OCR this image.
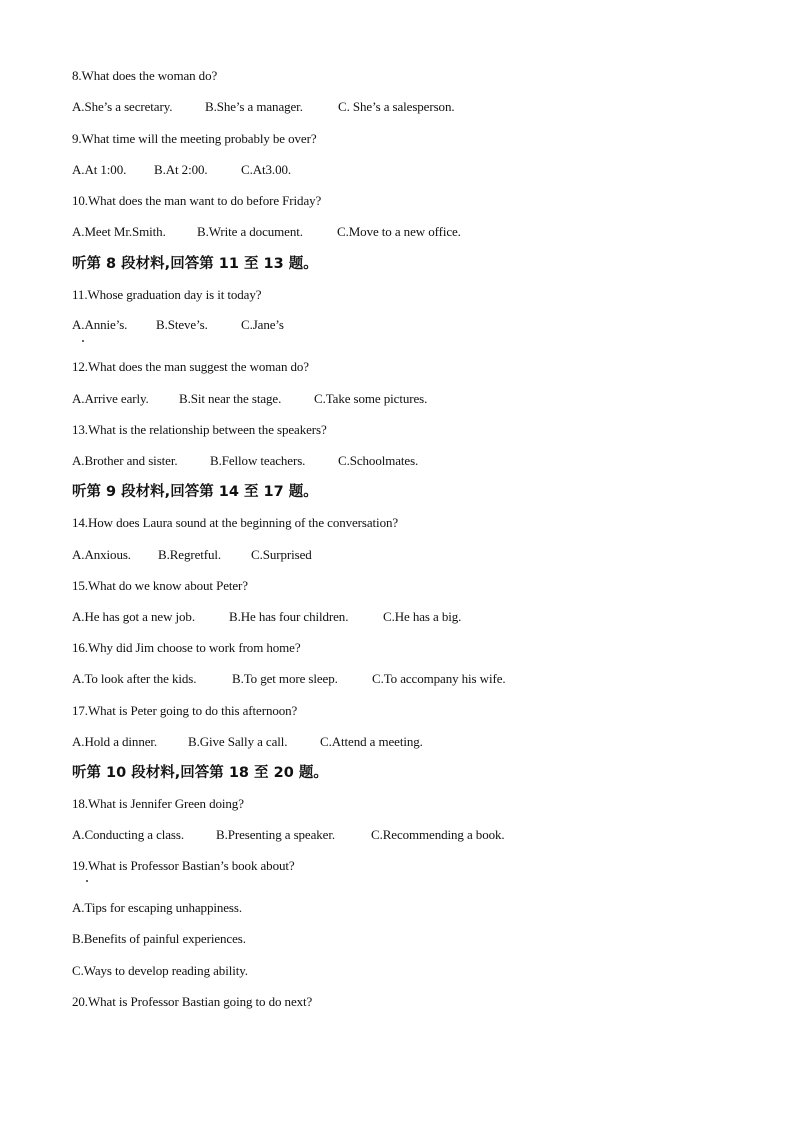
8.What does the woman do?
A.She’s a secretary.	B.She’s a manager.	C. She’s a salesperson.
9.What time will the meeting probably be over?
A.At 1:00. B.At 2:00.	C.At3.00.
10.What does the man want to do before Friday?
A.Meet Mr.Smith. B.Write a document.	C.Move to a new office.
听第 8 段材料,回答第 11 至 13 题。
11.Whose graduation day is it today?
A.Annie’s. B.Steve’s.	C.Jane’s
12.What does the man suggest the woman do?
A.Arrive early. B.Sit near the stage.	C.Take some pictures.
13.What is the relationship between the speakers?
A.Brother and sister.	B.Fellow teachers.	C.Schoolmates.
听第 9 段材料,回答第 14 至 17 题。
14.How does Laura sound at the beginning of the conversation?
A.Anxious. B.Regretful. C.Surprised
15.What do we know about Peter?
A.He has got a new job.	B.He has four children.	C.He has a big.
16.Why did Jim choose to work from home?
A.To look after the kids.	B.To get more sleep.	C.To accompany his wife.
17.What is Peter going to do this afternoon?
A.Hold a dinner. B.Give Sally a call.	C.Attend a meeting.
听第 10 段材料,回答第 18 至 20 题。
18.What is Jennifer Green doing?
A.Conducting a class. B.Presenting a speaker.	C.Recommending a book.
19.What is Professor Bastian’s book about?
A.Tips for escaping unhappiness.
B.Benefits of painful experiences.
C.Ways to develop reading ability.
20.What is Professor Bastian going to do next?
